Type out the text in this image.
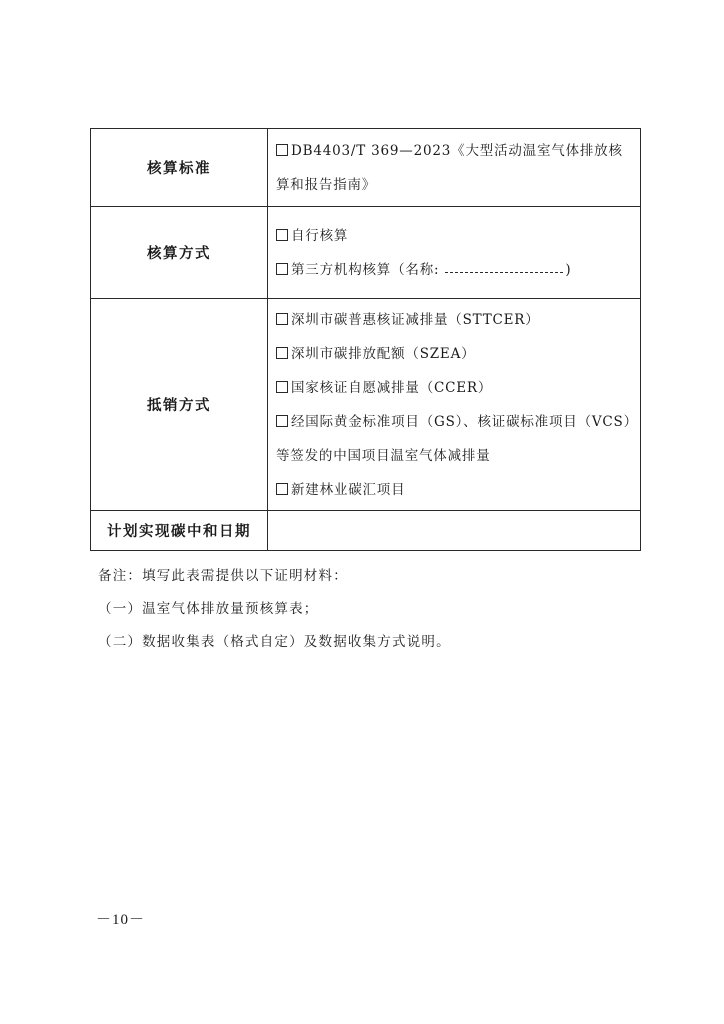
核算标准	DB4403/T 369—2023《大型活动温室气体排放核算和报告指南》

核算方式	自行核算
第三方机构核算（名称: )

抵销方式	深圳市碳普惠核证减排量（STTCER）
深圳市碳排放配额（SZEA）
国家核证自愿减排量（CCER）
经国际黄金标准项目（GS）、核证碳标准项目（VCS）等签发的中国项目温室气体减排量
新建林业碳汇项目

计划实现碳中和日期	
备注：填写此表需提供以下证明材料：
（一）温室气体排放量预核算表；
（二）数据收集表（格式自定）及数据收集方式说明。
－10－
